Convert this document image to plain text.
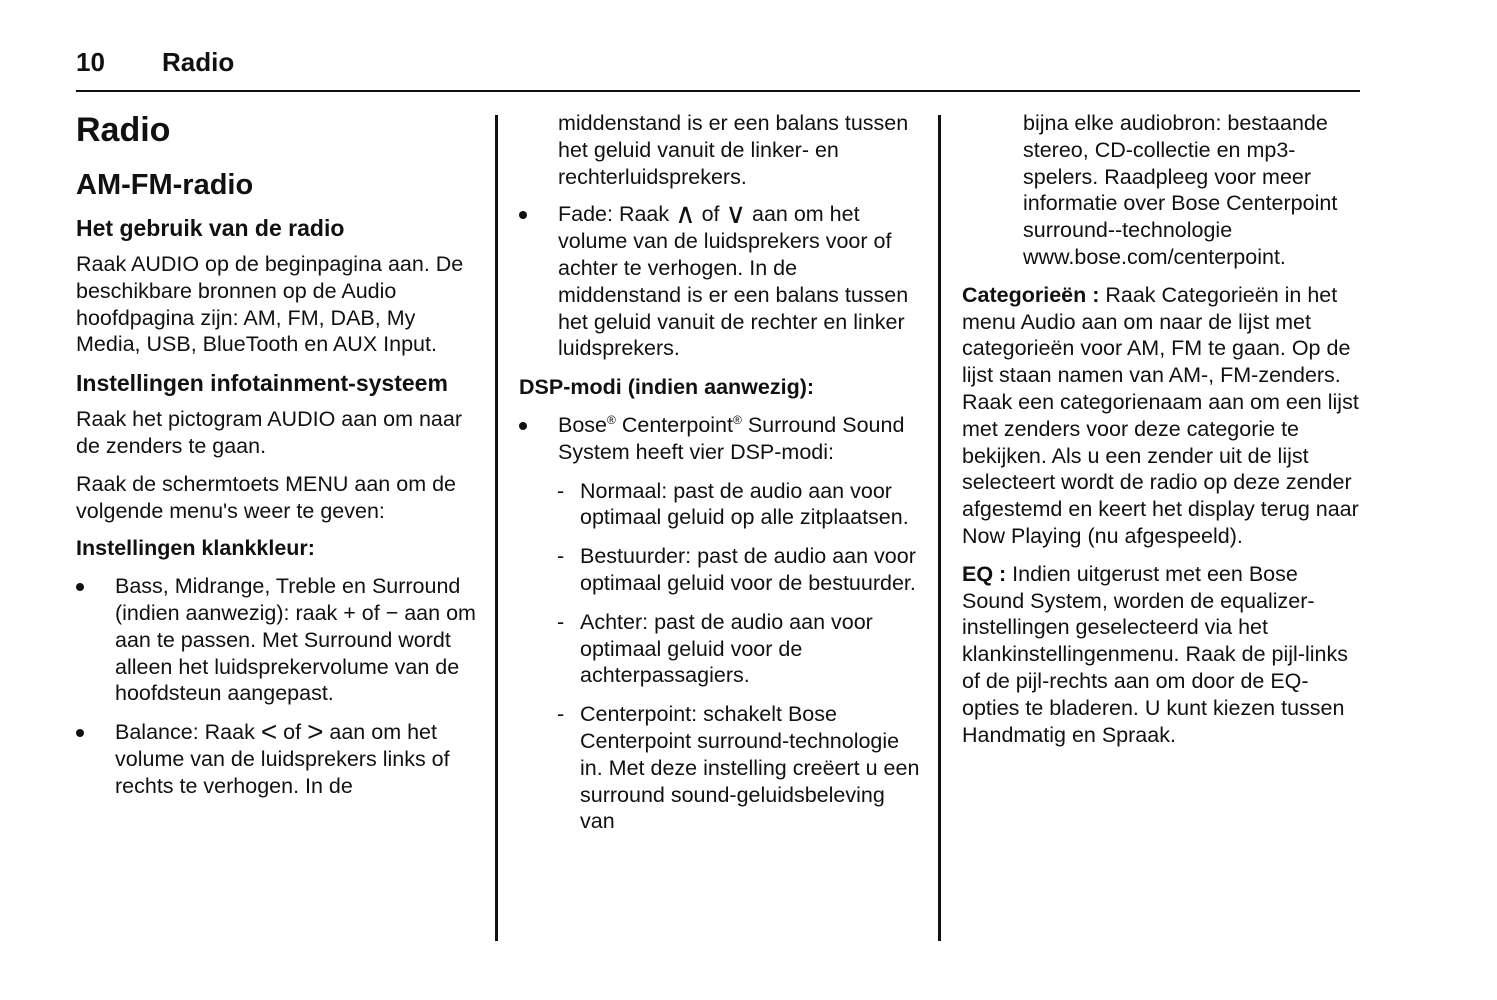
10 Radio
Radio
AM-FM-radio
Het gebruik van de radio

Raak AUDIO op de beginpagina aan. De beschikbare bronnen op de Audio hoofdpagina zijn: AM, FM, DAB, My Media, USB, BlueTooth en AUX Input.

Instellingen infotainment-systeem

Raak het pictogram AUDIO aan om naar de zenders te gaan.

Raak de schermtoets MENU aan om de volgende menu's weer te geven:

Instellingen klankkleur:
Bass, Midrange, Treble en Surround (indien aanwezig): raak + of − aan om aan te passen. Met Surround wordt alleen het luidsprekervolume van de hoofdsteun aangepast.
Balance: Raak < of > aan om het volume van de luidsprekers links of rechts te verhogen. In de

middenstand is er een balans tussen het geluid vanuit de linker- en rechterluidsprekers.

Fade: Raak ∧ of ∨ aan om het volume van de luidsprekers voor of achter te verhogen. In de middenstand is er een balans tussen het geluid vanuit de rechter en linker luidsprekers.
DSP-modi (indien aanwezig):
Bose® Centerpoint® Surround Sound System heeft vier DSP-modi:
- Normaal: past de audio aan voor optimaal geluid op alle zitplaatsen.
- Bestuurder: past de audio aan voor optimaal geluid voor de bestuurder.
- Achter: past de audio aan voor optimaal geluid voor de achterpassagiers.
- Centerpoint: schakelt Bose Centerpoint surround-technologie in. Met deze instelling creëert u een surround sound-geluidsbeleving van

bijna elke audiobron: bestaande stereo, CD-collectie en mp3-spelers. Raadpleeg voor meer informatie over Bose Centerpoint surround--technologie www.bose.com/centerpoint.

Categorieën : Raak Categorieën in het menu Audio aan om naar de lijst met categorieën voor AM, FM te gaan. Op de lijst staan namen van AM-, FM-zenders. Raak een categorienaam aan om een lijst met zenders voor deze categorie te bekijken. Als u een zender uit de lijst selecteert wordt de radio op deze zender afgestemd en keert het display terug naar Now Playing (nu afgespeeld).

EQ : Indien uitgerust met een Bose Sound System, worden de equalizer-instellingen geselecteerd via het klankinstellingenmenu. Raak de pijl-links of de pijl-rechts aan om door de EQ-opties te bladeren. U kunt kiezen tussen Handmatig en Spraak.
